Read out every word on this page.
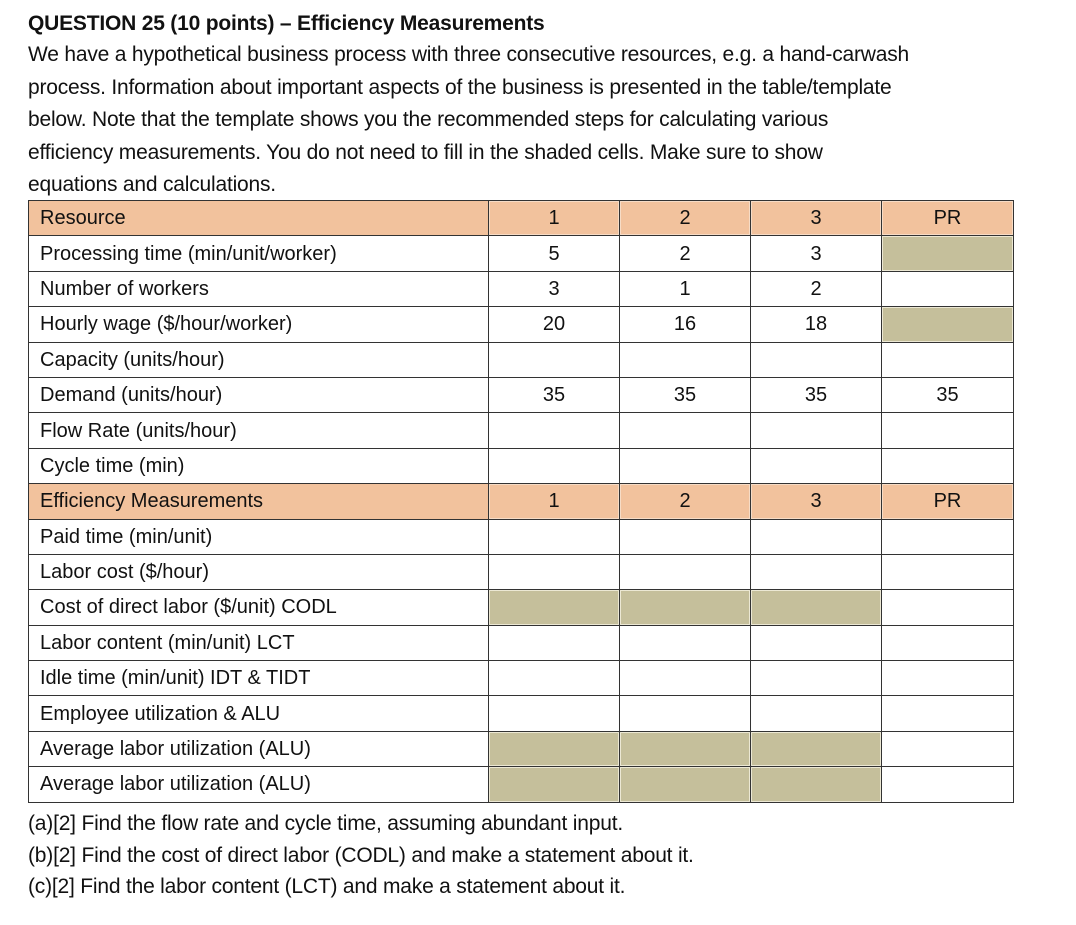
QUESTION 25 (10 points) – Efficiency Measurements
We have a hypothetical business process with three consecutive resources, e.g. a hand-carwash
process. Information about important aspects of the business is presented in the table/template
below. Note that the template shows you the recommended steps for calculating various
efficiency measurements. You do not need to fill in the shaded cells. Make sure to show
equations and calculations.
Resource	1	2	3	PR
Processing time (min/unit/worker)	5	2	3	
Number of workers	3	1	2	
Hourly wage ($/hour/worker)	20	16	18	
Capacity (units/hour)				
Demand (units/hour)	35	35	35	35
Flow Rate (units/hour)				
Cycle time (min)				
Efficiency Measurements	1	2	3	PR
Paid time (min/unit)				
Labor cost ($/hour)				
Cost of direct labor ($/unit) CODL				
Labor content (min/unit) LCT				
Idle time (min/unit) IDT & TIDT				
Employee utilization & ALU				
Average labor utilization (ALU)				
Average labor utilization (ALU)				
(a)[2] Find the flow rate and cycle time, assuming abundant input.
(b)[2] Find the cost of direct labor (CODL) and make a statement about it.
(c)[2] Find the labor content (LCT) and make a statement about it.
